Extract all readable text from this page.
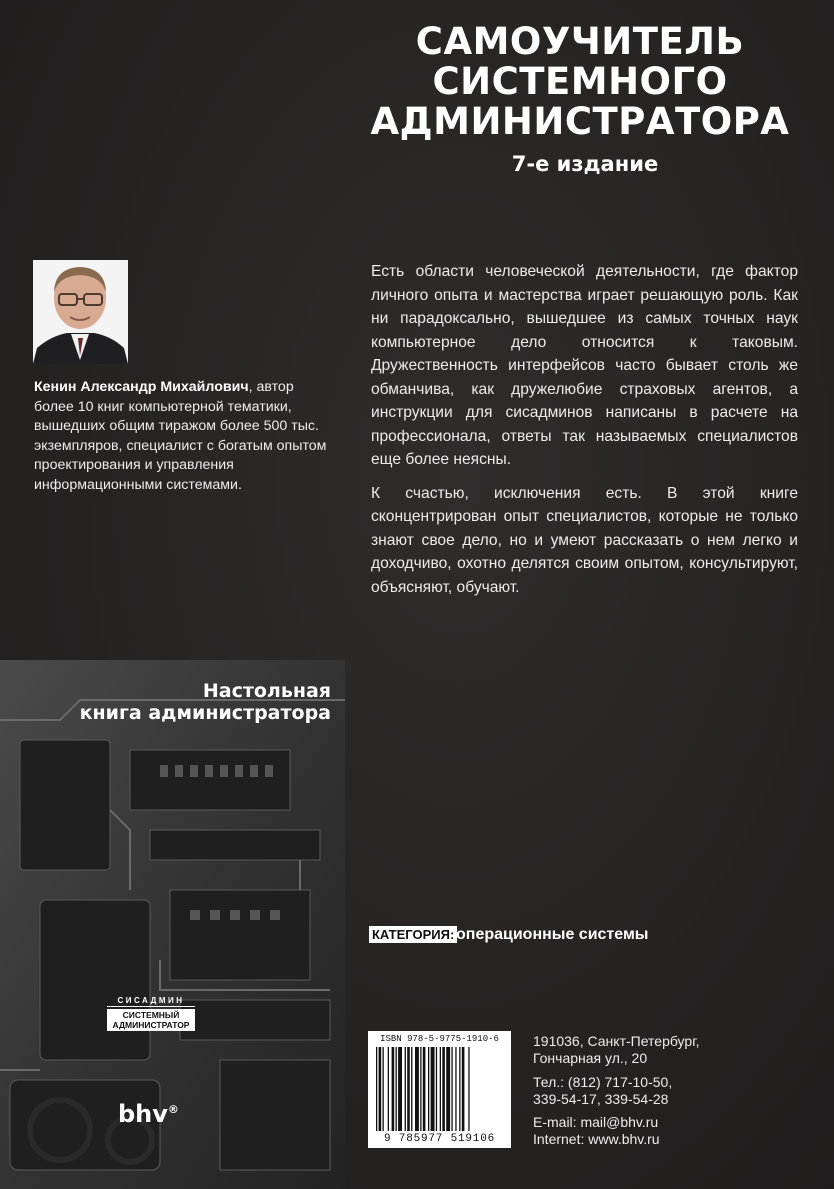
САМОУЧИТЕЛЬ
СИСТЕМНОГО
АДМИНИСТРАТОРА
7-е издание
Кенин Александр Михайлович, автор более 10 книг компьютерной тематики, вышедших общим тиражом более 500 тыс. экземпляров, специалист с богатым опытом проектирования и управления информационными системами.

Есть области человеческой деятельности, где фактор личного опыта и мастерства играет решающую роль. Как ни парадоксально, вышедшее из самых точных наук компьютерное дело относится к таковым. Дружественность интерфейсов часто бывает столь же обманчива, как дружелюбие страховых агентов, а инструкции для сисадминов написаны в расчете на профессионала, ответы так называемых специалистов еще более неясны.

К счастью, исключения есть. В этой книге сконцентрирован опыт специалистов, которые не только знают свое дело, но и умеют рассказать о нем легко и доходчиво, охотно делятся своим опытом, консультируют, объясняют, обучают.

Настольная
книга администратора
СИСАДМИН
СИСТЕМНЫЙ
АДМИНИСТРАТОР
bhv®
КАТЕГОРИЯ: операционные системы
ISBN 978-5-9775-1910-6
9 785977 519106
191036, Санкт-Петербург,
Гончарная ул., 20
Тел.: (812) 717-10-50,
339-54-17, 339-54-28
E-mail: mail@bhv.ru
Internet: www.bhv.ru
